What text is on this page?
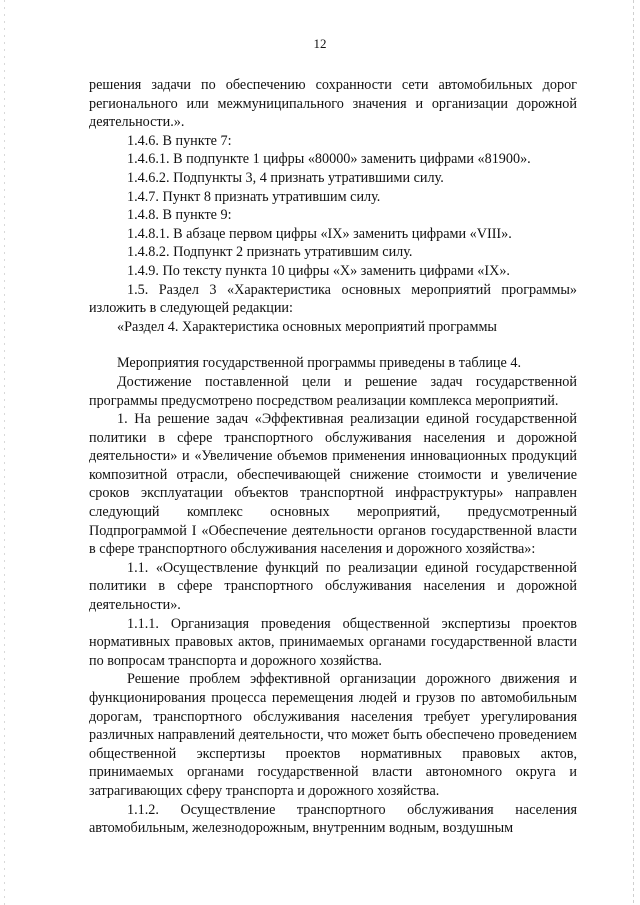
12

решения задачи по обеспечению сохранности сети автомобильных дорог регионального или межмуниципального значения и организации дорожной деятельности.».

1.4.6. В пункте 7:

1.4.6.1. В подпункте 1 цифры «80000» заменить цифрами «81900».

1.4.6.2. Подпункты 3, 4 признать утратившими силу.

1.4.7. Пункт 8 признать утратившим силу.

1.4.8. В пункте 9:

1.4.8.1. В абзаце первом цифры «IX» заменить цифрами «VIII».

1.4.8.2. Подпункт 2 признать утратившим силу.

1.4.9. По тексту пункта 10 цифры «X» заменить цифрами «IX».

1.5. Раздел 3 «Характеристика основных мероприятий программы» изложить в следующей редакции:

«Раздел 4. Характеристика основных мероприятий программы

Мероприятия государственной программы приведены в таблице 4.

Достижение поставленной цели и решение задач государственной программы предусмотрено посредством реализации комплекса мероприятий.

1. На решение задач «Эффективная реализации единой государственной политики в сфере транспортного обслуживания населения и дорожной деятельности» и «Увеличение объемов применения инновационных продукций композитной отрасли, обеспечивающей снижение стоимости и увеличение сроков эксплуатации объектов транспортной инфраструктуры» направлен следующий комплекс основных мероприятий, предусмотренный Подпрограммой I «Обеспечение деятельности органов государственной власти в сфере транспортного обслуживания населения и дорожного хозяйства»:

1.1. «Осуществление функций по реализации единой государственной политики в сфере транспортного обслуживания населения и дорожной деятельности».

1.1.1. Организация проведения общественной экспертизы проектов нормативных правовых актов, принимаемых органами государственной власти по вопросам транспорта и дорожного хозяйства.

Решение проблем эффективной организации дорожного движения и функционирования процесса перемещения людей и грузов по автомобильным дорогам, транспортного обслуживания населения требует урегулирования различных направлений деятельности, что может быть обеспечено проведением общественной экспертизы проектов нормативных правовых актов, принимаемых органами государственной власти автономного округа и затрагивающих сферу транспорта и дорожного хозяйства.

1.1.2. Осуществление транспортного обслуживания населения автомобильным, железнодорожным, внутренним водным, воздушным
